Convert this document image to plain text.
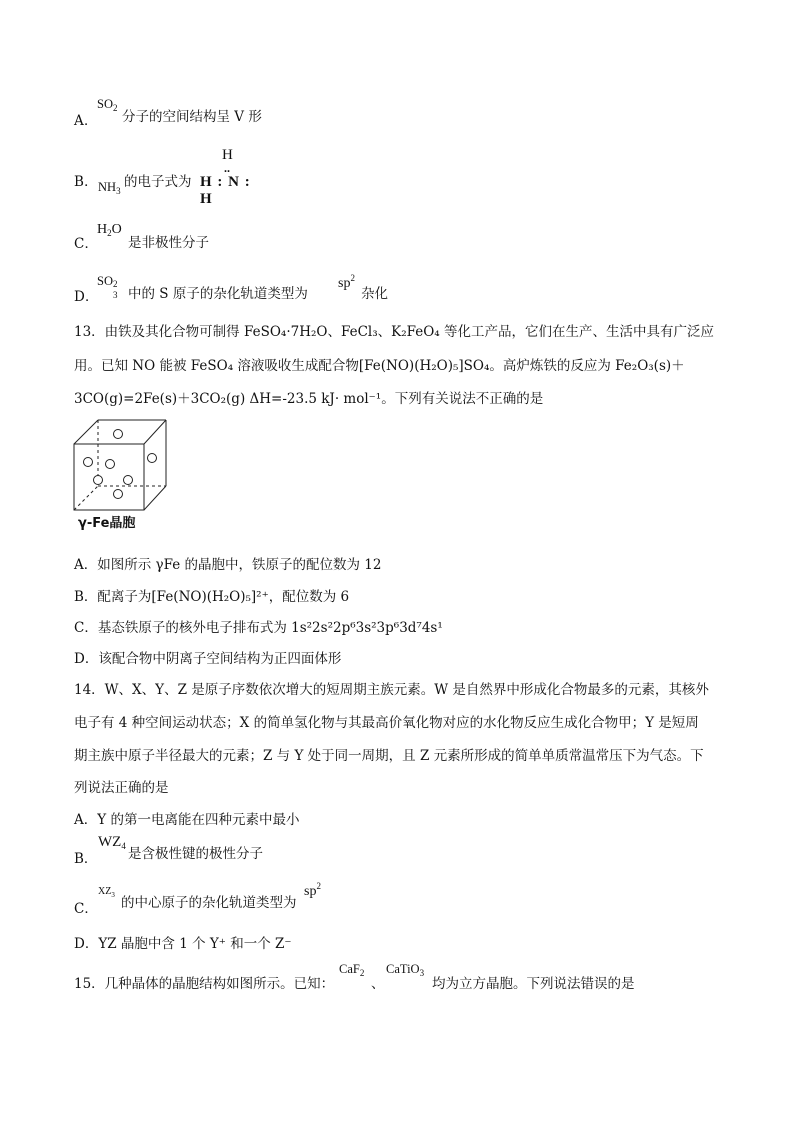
A．
$SO_2$
分子的空间结构呈 V 形
B． $NH_3$
的电子式为
H
..
H : N : H
C．
$H_2O$
是非极性分子
D．
SO 2
3 中的 S 原子的杂化轨道类型为
$sp^2$
杂化
13．由铁及其化合物可制得 FeSO₄·7H₂O、FeCl₃、K₂FeO₄ 等化工产品，它们在生产、生活中具有广泛应
用。已知 NO 能被 FeSO₄ 溶液吸收生成配合物[Fe(NO)(H₂O)₅]SO₄。高炉炼铁的反应为 Fe₂O₃(s)＋
3CO(g)=2Fe(s)＋3CO₂(g) ΔH=-23.5 kJ· mol⁻¹。下列有关说法不正确的是
γ-Fe晶胞
A．如图所示 γFe 的晶胞中，铁原子的配位数为 12
B．配离子为[Fe(NO)(H₂O)₅]²⁺，配位数为 6
C．基态铁原子的核外电子排布式为 1s²2s²2p⁶3s²3p⁶3d⁷4s¹
D．该配合物中阴离子空间结构为正四面体形
14．W、X、Y、Z 是原子序数依次增大的短周期主族元素。W 是自然界中形成化合物最多的元素，其核外
电子有 4 种空间运动状态；X 的简单氢化物与其最高价氧化物对应的水化物反应生成化合物甲；Y 是短周
期主族中原子半径最大的元素；Z 与 Y 处于同一周期，且 Z 元素所形成的简单单质常温常压下为气态。下
列说法正确的是
A．Y 的第一电离能在四种元素中最小
B．
$WZ_4$ 是含极性键的极性分子
C．
$XZ_3$ 的中心原子的杂化轨道类型为
$sp^2$
D．YZ 晶胞中含 1 个 Y⁺ 和一个 Z⁻
15．几种晶体的晶胞结构如图所示。已知：
CaF$_2$
、
CaTiO$_3$
均为立方晶胞。下列说法错误的是
